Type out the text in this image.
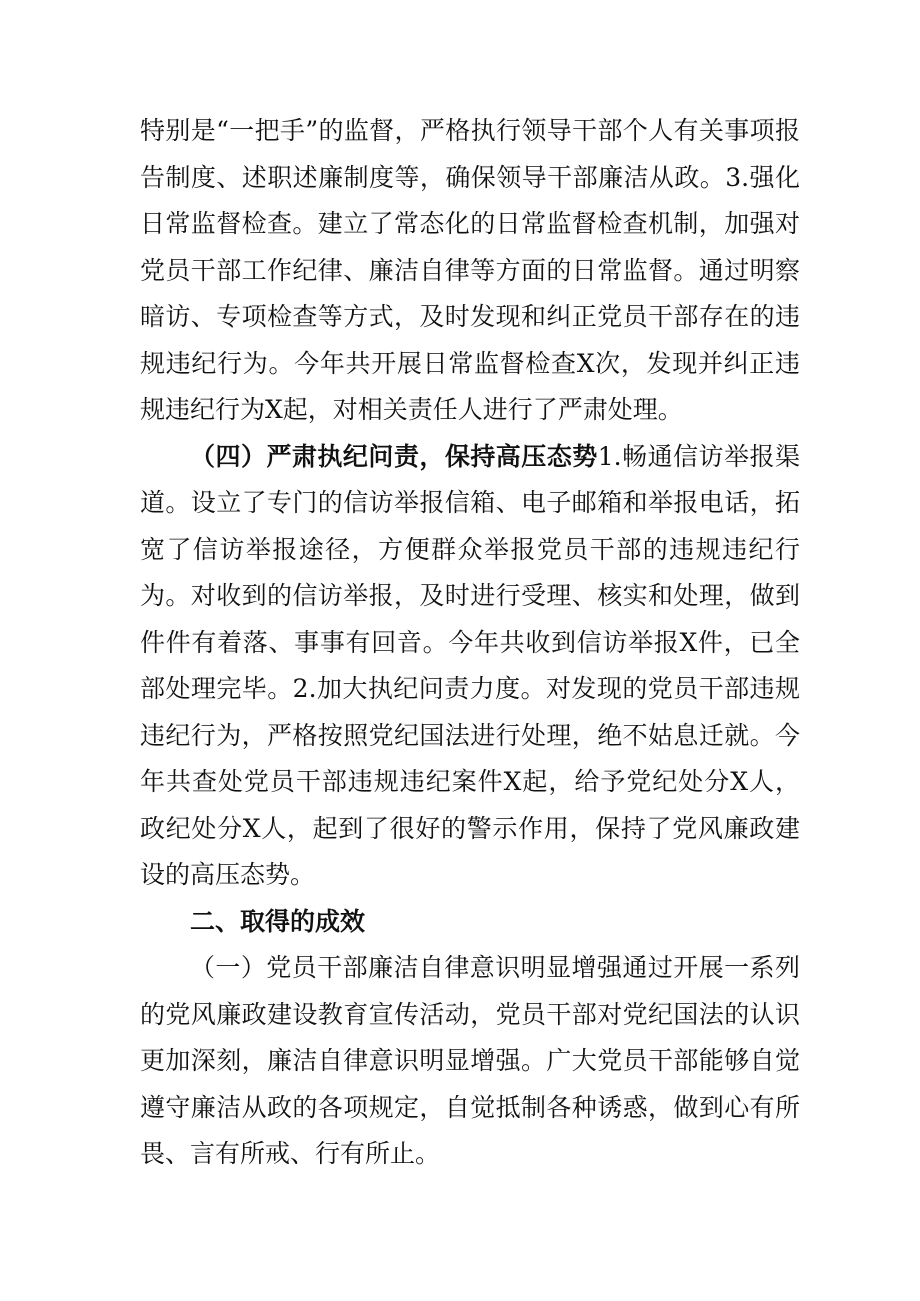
特别是“一把手”的监督，严格执行领导干部个人有关事项报告制度、述职述廉制度等，确保领导干部廉洁从政。3.强化日常监督检查。建立了常态化的日常监督检查机制，加强对党员干部工作纪律、廉洁自律等方面的日常监督。通过明察暗访、专项检查等方式，及时发现和纠正党员干部存在的违规违纪行为。今年共开展日常监督检查X次，发现并纠正违规违纪行为X起，对相关责任人进行了严肃处理。

（四）严肃执纪问责，保持高压态势1.畅通信访举报渠道。设立了专门的信访举报信箱、电子邮箱和举报电话，拓宽了信访举报途径，方便群众举报党员干部的违规违纪行为。对收到的信访举报，及时进行受理、核实和处理，做到件件有着落、事事有回音。今年共收到信访举报X件，已全部处理完毕。2.加大执纪问责力度。对发现的党员干部违规违纪行为，严格按照党纪国法进行处理，绝不姑息迁就。今年共查处党员干部违规违纪案件X起，给予党纪处分X人，政纪处分X人，起到了很好的警示作用，保持了党风廉政建设的高压态势。

二、取得的成效

（一）党员干部廉洁自律意识明显增强通过开展一系列的党风廉政建设教育宣传活动，党员干部对党纪国法的认识更加深刻，廉洁自律意识明显增强。广大党员干部能够自觉遵守廉洁从政的各项规定，自觉抵制各种诱惑，做到心有所畏、言有所戒、行有所止。
